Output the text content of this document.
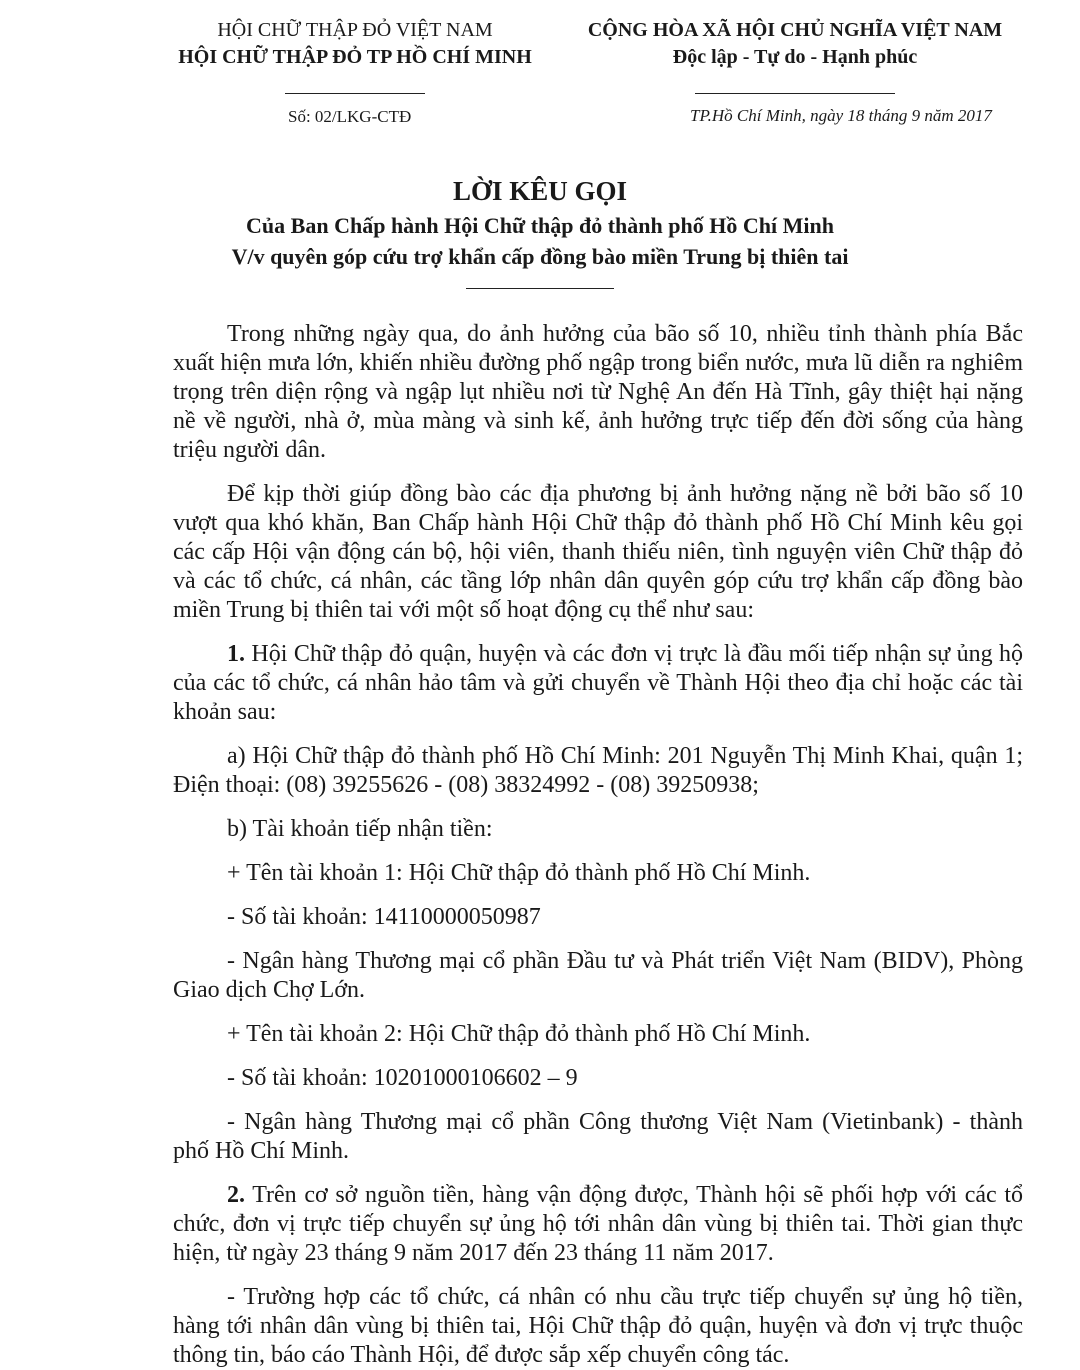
HỘI CHỮ THẬP ĐỎ VIỆT NAM
HỘI CHỮ THẬP ĐỎ TP HỒ CHÍ MINH
CỘNG HÒA XÃ HỘI CHỦ NGHĨA VIỆT NAM
Độc lập - Tự do - Hạnh phúc
Số: 02/LKG-CTĐ	TP.Hồ Chí Minh, ngày 18 tháng 9 năm 2017
LỜI KÊU GỌI
Của Ban Chấp hành Hội Chữ thập đỏ thành phố Hồ Chí Minh
V/v quyên góp cứu trợ khẩn cấp đồng bào miền Trung bị thiên tai

Trong những ngày qua, do ảnh hưởng của bão số 10, nhiều tỉnh thành phía Bắc xuất hiện mưa lớn, khiến nhiều đường phố ngập trong biển nước, mưa lũ diễn ra nghiêm trọng trên diện rộng và ngập lụt nhiều nơi từ Nghệ An đến Hà Tĩnh, gây thiệt hại nặng nề về người, nhà ở, mùa màng và sinh kế, ảnh hưởng trực tiếp đến đời sống của hàng triệu người dân.

Để kịp thời giúp đồng bào các địa phương bị ảnh hưởng nặng nề bởi bão số 10 vượt qua khó khăn, Ban Chấp hành Hội Chữ thập đỏ thành phố Hồ Chí Minh kêu gọi các cấp Hội vận động cán bộ, hội viên, thanh thiếu niên, tình nguyện viên Chữ thập đỏ và các tổ chức, cá nhân, các tầng lớp nhân dân quyên góp cứu trợ khẩn cấp đồng bào miền Trung bị thiên tai với một số hoạt động cụ thể như sau:

1. Hội Chữ thập đỏ quận, huyện và các đơn vị trực là đầu mối tiếp nhận sự ủng hộ của các tổ chức, cá nhân hảo tâm và gửi chuyển về Thành Hội theo địa chỉ hoặc các tài khoản sau:

a) Hội Chữ thập đỏ thành phố Hồ Chí Minh: 201 Nguyễn Thị Minh Khai, quận 1; Điện thoại: (08) 39255626 - (08) 38324992 - (08) 39250938;

b) Tài khoản tiếp nhận tiền:

+ Tên tài khoản 1: Hội Chữ thập đỏ thành phố Hồ Chí Minh.

- Số tài khoản: 14110000050987

- Ngân hàng Thương mại cổ phần Đầu tư và Phát triển Việt Nam (BIDV), Phòng Giao dịch Chợ Lớn.

+ Tên tài khoản 2: Hội Chữ thập đỏ thành phố Hồ Chí Minh.

- Số tài khoản: 10201000106602 – 9

- Ngân hàng Thương mại cổ phần Công thương Việt Nam (Vietinbank) - thành phố Hồ Chí Minh.

2. Trên cơ sở nguồn tiền, hàng vận động được, Thành hội sẽ phối hợp với các tổ chức, đơn vị trực tiếp chuyển sự ủng hộ tới nhân dân vùng bị thiên tai. Thời gian thực hiện, từ ngày 23 tháng 9 năm 2017 đến 23 tháng 11 năm 2017.

- Trường hợp các tổ chức, cá nhân có nhu cầu trực tiếp chuyển sự ủng hộ tiền, hàng tới nhân dân vùng bị thiên tai, Hội Chữ thập đỏ quận, huyện và đơn vị trực thuộc thông tin, báo cáo Thành Hội, để được sắp xếp chuyển công tác.
